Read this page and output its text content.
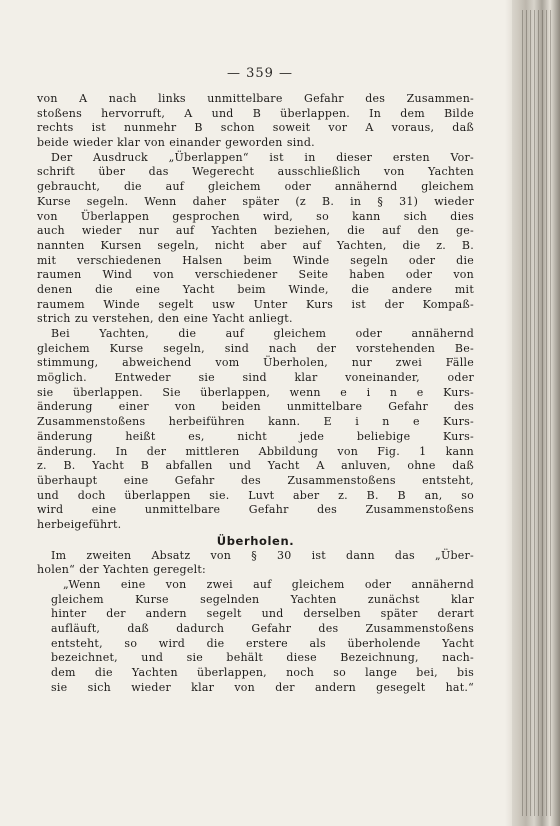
— 359 —
von A nach links unmittelbare Gefahr des Zusammen-
stoßens hervorruft, A und B überlappen. In dem Bilde
rechts ist nunmehr B schon soweit vor A voraus, daß
beide wieder klar von einander geworden sind.
Der Ausdruck „Überlappen“ ist in dieser ersten Vor-
schrift über das Wegerecht ausschließlich von Yachten
gebraucht, die auf gleichem oder annähernd gleichem
Kurse segeln. Wenn daher später (z B. in § 31) wieder
von Überlappen gesprochen wird, so kann sich dies
auch wieder nur auf Yachten beziehen, die auf den ge-
nannten Kursen segeln, nicht aber auf Yachten, die z. B.
mit verschiedenen Halsen beim Winde segeln oder die
raumen Wind von verschiedener Seite haben oder von
denen die eine Yacht beim Winde, die andere mit
raumem Winde segelt usw Unter Kurs ist der Kompaß-
strich zu verstehen, den eine Yacht anliegt.
Bei Yachten, die auf gleichem oder annähernd
gleichem Kurse segeln, sind nach der vorstehenden Be-
stimmung, abweichend vom Überholen, nur zwei Fälle
möglich. Entweder sie sind klar voneinander, oder
sie überlappen. Sie überlappen, wenn e i n e Kurs-
änderung einer von beiden unmittelbare Gefahr des
Zusammenstoßens herbeiführen kann. E i n e Kurs-
änderung heißt es, nicht jede beliebige Kurs-
änderung. In der mittleren Abbildung von Fig. 1 kann
z. B. Yacht B abfallen und Yacht A anluven, ohne daß
überhaupt eine Gefahr des Zusammenstoßens entsteht,
und doch überlappen sie. Luvt aber z. B. B an, so
wird eine unmittelbare Gefahr des Zusammenstoßens
herbeigeführt.
Überholen.
Im zweiten Absatz von § 30 ist dann das „Über-
holen“ der Yachten geregelt:
„Wenn eine von zwei auf gleichem oder annähernd
gleichem Kurse segelnden Yachten zunächst klar
hinter der andern segelt und derselben später derart
aufläuft, daß dadurch Gefahr des Zusammenstoßens
entsteht, so wird die erstere als überholende Yacht
bezeichnet, und sie behält diese Bezeichnung, nach-
dem die Yachten überlappen, noch so lange bei, bis
sie sich wieder klar von der andern gesegelt hat.“
